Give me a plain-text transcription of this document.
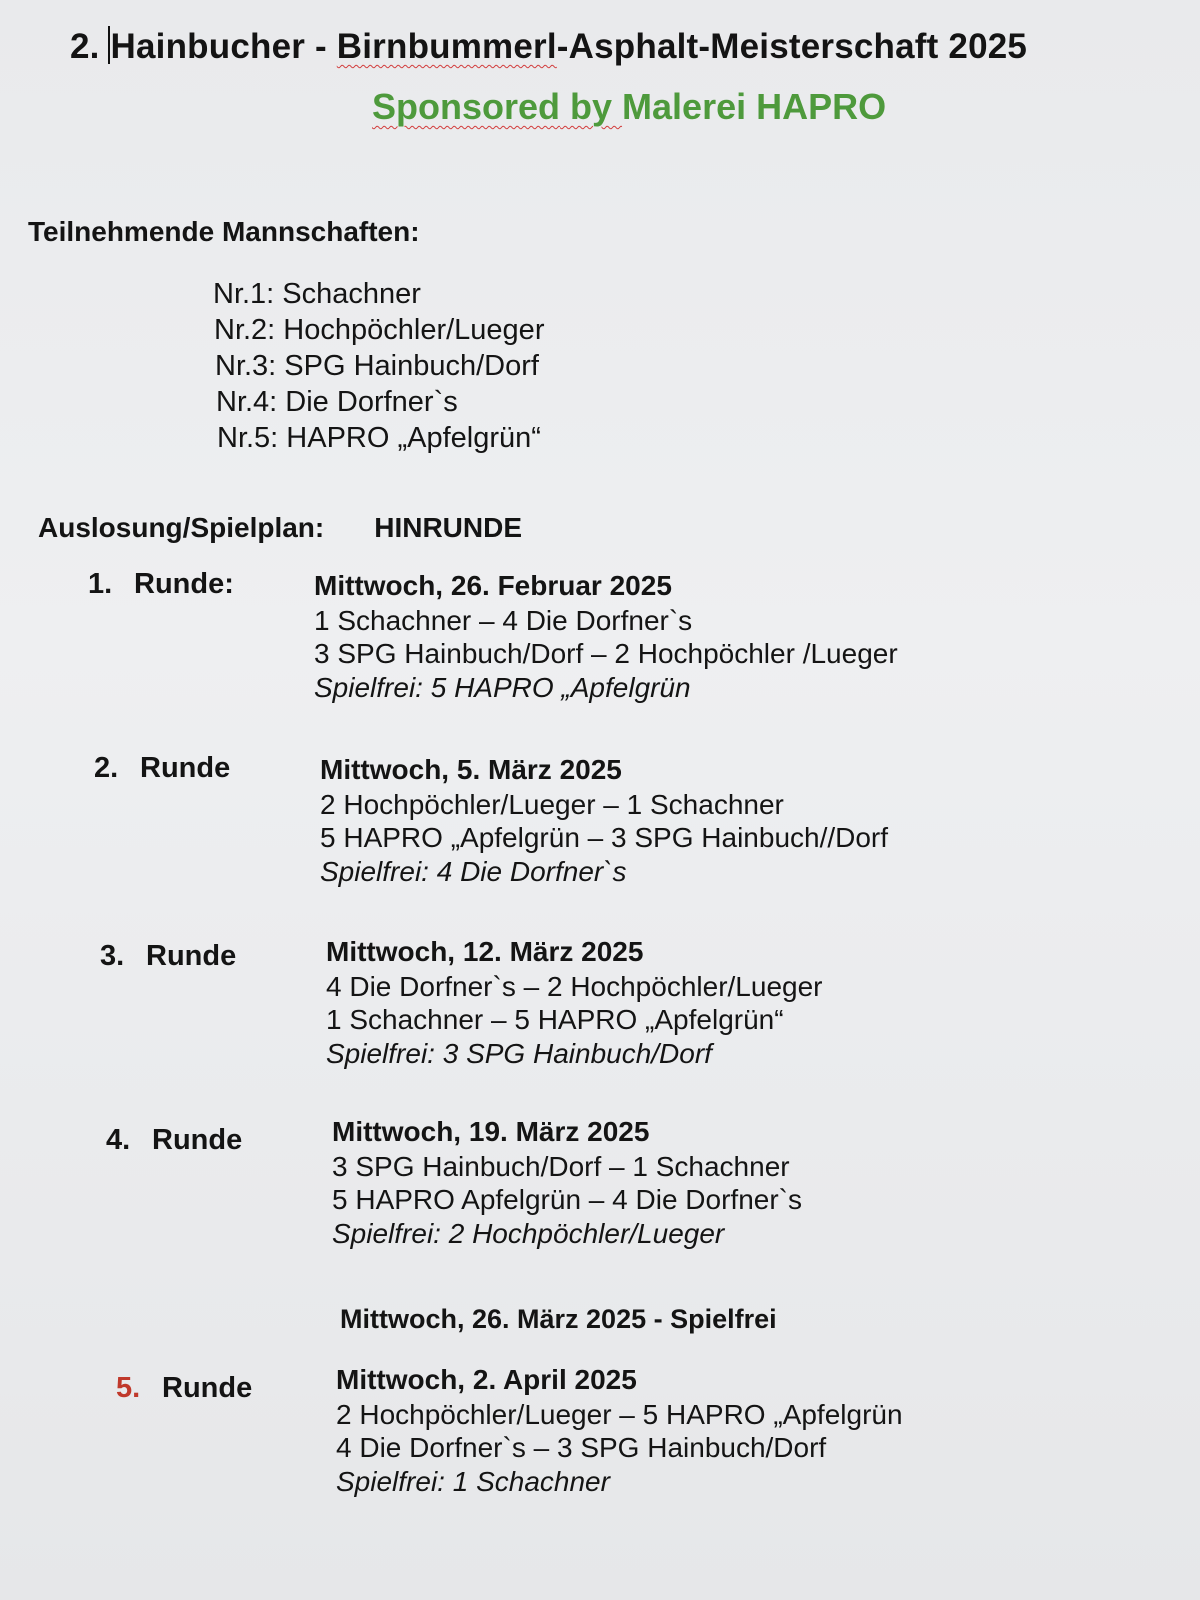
2. Hainbucher - Birnbummerl-Asphalt-Meisterschaft 2025
Sponsored by Malerei HAPRO
Teilnehmende Mannschaften:
Nr.1: Schachner
Nr.2: Hochpöchler/Lueger
Nr.3: SPG Hainbuch/Dorf
Nr.4: Die Dorfner`s
Nr.5: HAPRO „Apfelgrün“
Auslosung/Spielplan: HINRUNDE
1. Runde:	Mittwoch, 26. Februar 2025
1 Schachner – 4 Die Dorfner`s
3 SPG Hainbuch/Dorf – 2 Hochpöchler /Lueger
Spielfrei: 5 HAPRO „Apfelgrün
2. Runde	Mittwoch, 5. März 2025
2 Hochpöchler/Lueger – 1 Schachner
5 HAPRO „Apfelgrün – 3 SPG Hainbuch//Dorf
Spielfrei: 4 Die Dorfner`s
3. Runde	Mittwoch, 12. März 2025
4 Die Dorfner`s – 2 Hochpöchler/Lueger
1 Schachner – 5 HAPRO „Apfelgrün“
Spielfrei: 3 SPG Hainbuch/Dorf
4. Runde	Mittwoch, 19. März 2025
3 SPG Hainbuch/Dorf – 1 Schachner
5 HAPRO Apfelgrün – 4 Die Dorfner`s
Spielfrei: 2 Hochpöchler/Lueger
Mittwoch, 26. März 2025 - Spielfrei
5. Runde	Mittwoch, 2. April 2025
2 Hochpöchler/Lueger – 5 HAPRO „Apfelgrün
4 Die Dorfner`s – 3 SPG Hainbuch/Dorf
Spielfrei: 1 Schachner
